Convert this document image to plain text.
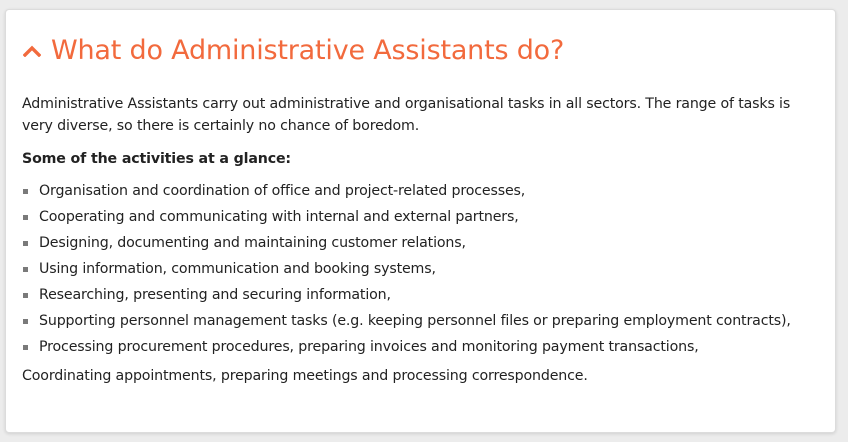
What do Administrative Assistants do?

Administrative Assistants carry out administrative and organisational tasks in all sectors. The range of tasks is very diverse, so there is certainly no chance of boredom.

Some of the activities at a glance:

Organisation and coordination of office and project-related processes,
Cooperating and communicating with internal and external partners,
Designing, documenting and maintaining customer relations,
Using information, communication and booking systems,
Researching, presenting and securing information,
Supporting personnel management tasks (e.g. keeping personnel files or preparing employment contracts),
Processing procurement procedures, preparing invoices and monitoring payment transactions,

Coordinating appointments, preparing meetings and processing correspondence.
